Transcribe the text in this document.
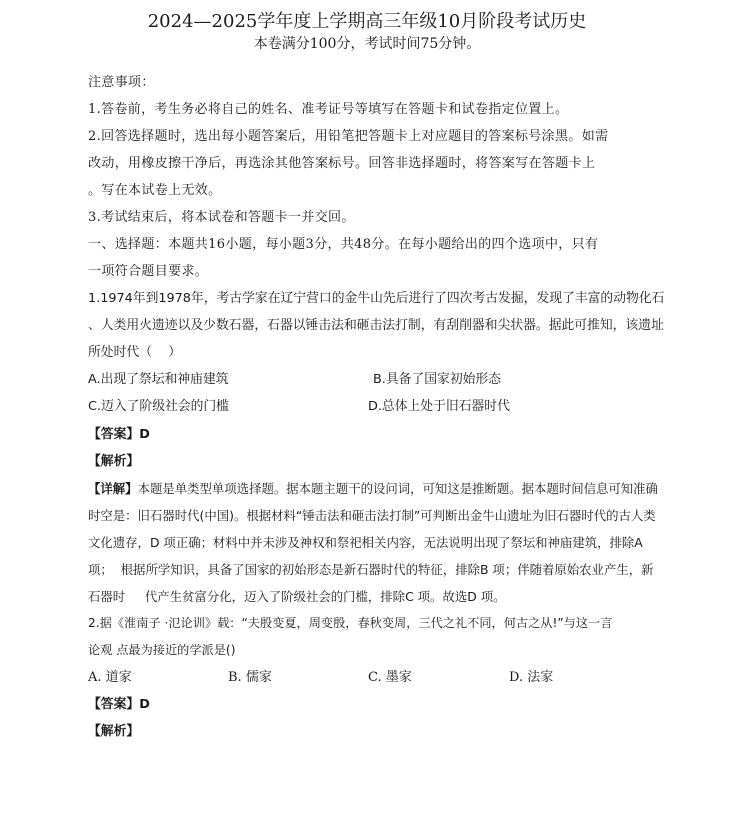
2024—2025学年度上学期高三年级10月阶段考试历史
本卷满分100分，考试时间75分钟。
注意事项：
1.答卷前，考生务必将自己的姓名、准考证号等填写在答题卡和试卷指定位置上。
2.回答选择题时，选出每小题答案后，用铅笔把答题卡上对应题目的答案标号涂黑。如需
改动，用橡皮擦干净后，再选涂其他答案标号。回答非选择题时，将答案写在答题卡上
。写在本试卷上无效。
3.考试结束后，将本试卷和答题卡一并交回。
一、选择题：本题共16小题，每小题3分，共48分。在每小题给出的四个选项中，只有
一项符合题目要求。
1.1974年到1978年，考古学家在辽宁营口的金牛山先后进行了四次考古发掘，发现了丰富的动物化石
、人类用火遗迹以及少数石器，石器以锤击法和砸击法打制，有刮削器和尖状器。据此可推知，该遗址
所处时代（    ）

A.出现了祭坛和神庙建筑

	B.具备了国家初始形态

C.迈入了阶级社会的门槛

	D.总体上处于旧石器时代

【答案】D
【解析】
【详解】本题是单类型单项选择题。据本题主题干的设问词，可知这是推断题。据本题时间信息可知准确
时空是：旧石器时代(中国)。根据材料“锤击法和砸击法打制”可判断出金牛山遗址为旧石器时代的古人类
文化遗存，D 项正确；材料中并未涉及神权和祭祀相关内容，无法说明出现了祭坛和神庙建筑，排除A
项；  根据所学知识，具备了国家的初始形态是新石器时代的特征，排除B 项；伴随着原始农业产生，新
石器时     代产生贫富分化，迈入了阶级社会的门槛，排除C 项。故选D 项。
2.据《淮南子 ·氾论训》载：“夫殷变夏，周变殷，春秋变周，三代之礼不同，何古之从!”与这一言
论观 点最为接近的学派是()

A. 道家

	B. 儒家

	C. 墨家

	D. 法家

【答案】D
【解析】
